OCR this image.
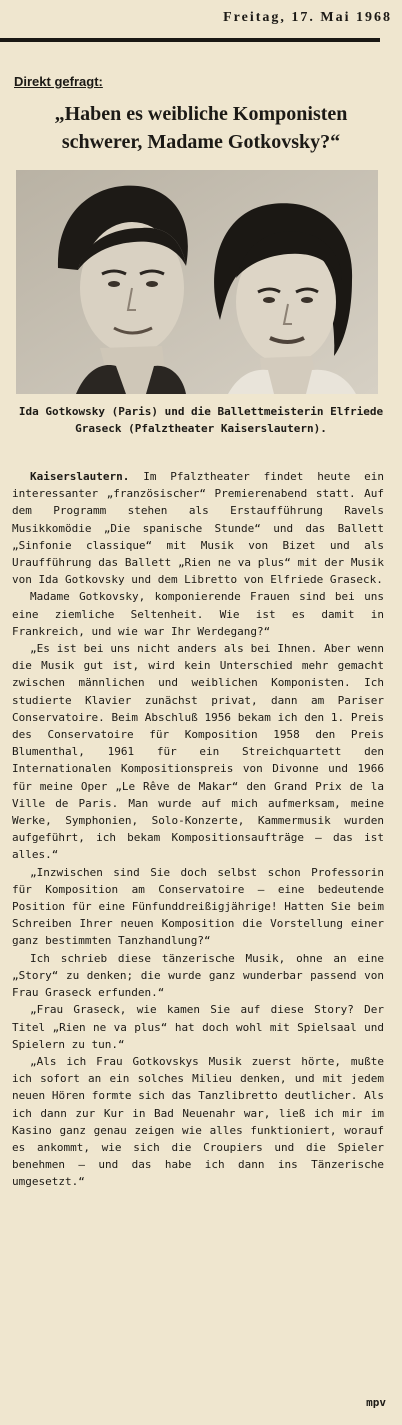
Freitag, 17. Mai 1968
Direkt gefragt:
„Haben es weibliche Komponisten schwerer, Madame Gotkovsky?“
Ida Gotkowsky (Paris) und die Ballettmeisterin Elfriede Graseck (Pfalztheater Kaiserslautern).

Kaiserslautern. Im Pfalztheater findet heute ein interessanter „französischer“ Premierenabend statt. Auf dem Programm stehen als Erstaufführung Ravels Musikkomödie „Die spanische Stunde“ und das Ballett „Sinfonie classique“ mit Musik von Bizet und als Uraufführung das Ballett „Rien ne va plus“ mit der Musik von Ida Gotkovsky und dem Libretto von Elfriede Graseck.

Madame Gotkovsky, komponierende Frauen sind bei uns eine ziemliche Seltenheit. Wie ist es damit in Frankreich, und wie war Ihr Werdegang?“

„Es ist bei uns nicht anders als bei Ihnen. Aber wenn die Musik gut ist, wird kein Unterschied mehr gemacht zwischen männlichen und weiblichen Komponisten. Ich studierte Klavier zunächst privat, dann am Pariser Conservatoire. Beim Abschluß 1956 bekam ich den 1. Preis des Conservatoire für Komposition 1958 den Preis Blumenthal, 1961 für ein Streichquartett den Internationalen Kompositionspreis von Divonne und 1966 für meine Oper „Le Rêve de Makar“ den Grand Prix de la Ville de Paris. Man wurde auf mich aufmerksam, meine Werke, Symphonien, Solo-Konzerte, Kammermusik wurden aufgeführt, ich bekam Kompositionsaufträge — das ist alles.“

„Inzwischen sind Sie doch selbst schon Professorin für Komposition am Conservatoire — eine bedeutende Position für eine Fünfunddreißigjährige! Hatten Sie beim Schreiben Ihrer neuen Komposition die Vorstellung einer ganz bestimmten Tanzhandlung?“

Ich schrieb diese tänzerische Musik, ohne an eine „Story“ zu denken; die wurde ganz wunderbar passend von Frau Graseck erfunden.“

„Frau Graseck, wie kamen Sie auf diese Story? Der Titel „Rien ne va plus“ hat doch wohl mit Spielsaal und Spielern zu tun.“

„Als ich Frau Gotkovskys Musik zuerst hörte, mußte ich sofort an ein solches Milieu denken, und mit jedem neuen Hören formte sich das Tanzlibretto deutlicher. Als ich dann zur Kur in Bad Neuenahr war, ließ ich mir im Kasino ganz genau zeigen wie alles funktioniert, worauf es ankommt, wie sich die Croupiers und die Spieler benehmen — und das habe ich dann ins Tänzerische umgesetzt.“

mpv
